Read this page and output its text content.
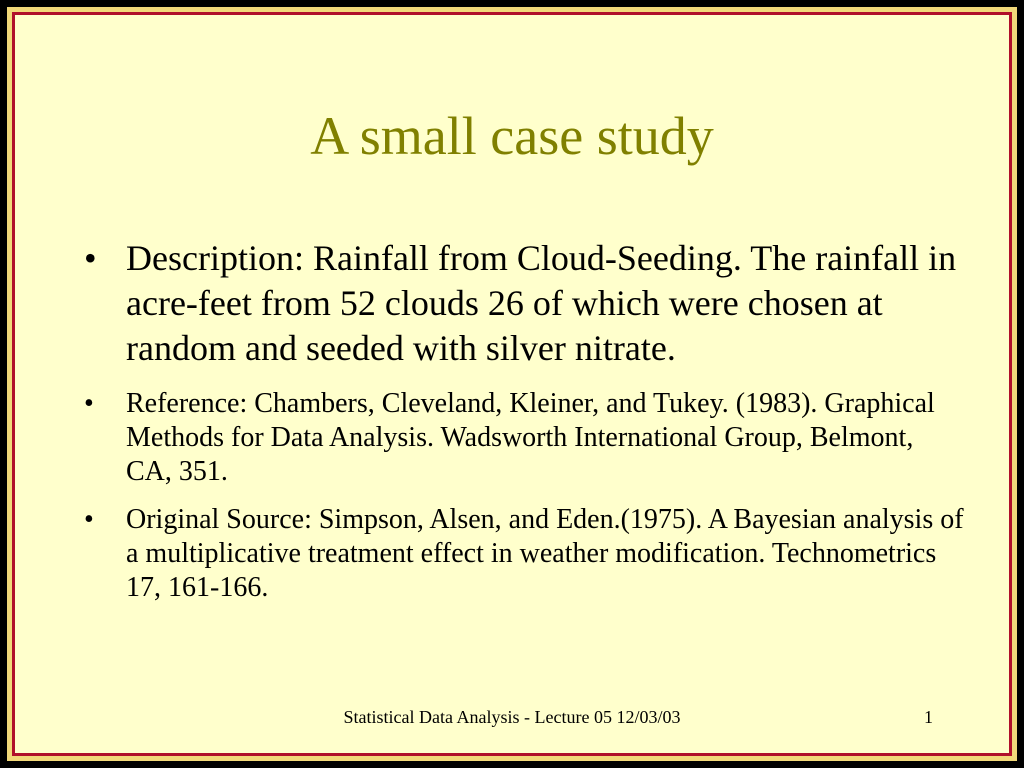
A small case study
• Description: Rainfall from Cloud-Seeding. The rainfall in acre-feet from 52 clouds 26 of which were chosen at random and seeded with silver nitrate.
• Reference: Chambers, Cleveland, Kleiner, and Tukey. (1983). Graphical Methods for Data Analysis. Wadsworth International Group, Belmont, CA, 351.
• Original Source: Simpson, Alsen, and Eden.(1975). A Bayesian analysis of a multiplicative treatment effect in weather modification. Technometrics 17, 161-166.
Statistical Data Analysis - Lecture 05 12/03/03	1
